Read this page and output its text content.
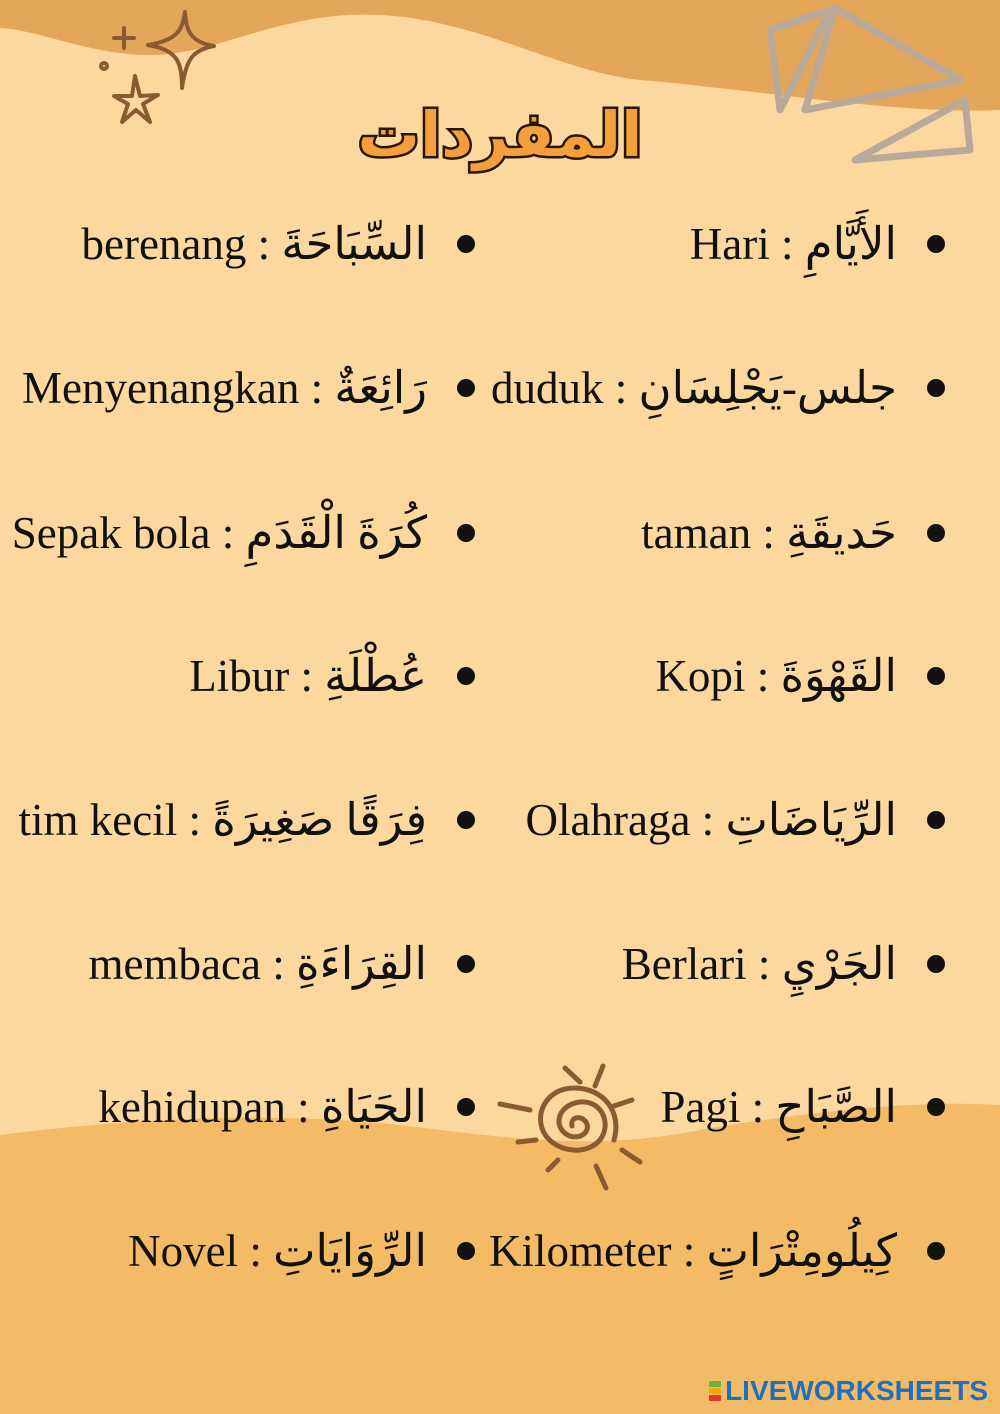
المفردات
Hari : الأَيَّامِ
duduk : جلس-يَجْلِسَانِ
taman : حَديقَةِ
Kopi : القَهْوَةَ
Olahraga : الرِّيَاضَاتِ
Berlari : الجَرْيِ
Pagi : الصَّبَاحِ
Kilometer : كِيلُومِتْرَاتٍ
berenang : السِّبَاحَةَ
Menyenangkan : رَائِعَةٌ
Sepak bola : كُرَةَ الْقَدَمِ
Libur : عُطْلَةِ
tim kecil : فِرَقًا صَغِيرَةً
membaca : القِرَاءَةِ
kehidupan : الحَيَاةِ
Novel : الرِّوَايَاتِ
LIVEWORKSHEETS
